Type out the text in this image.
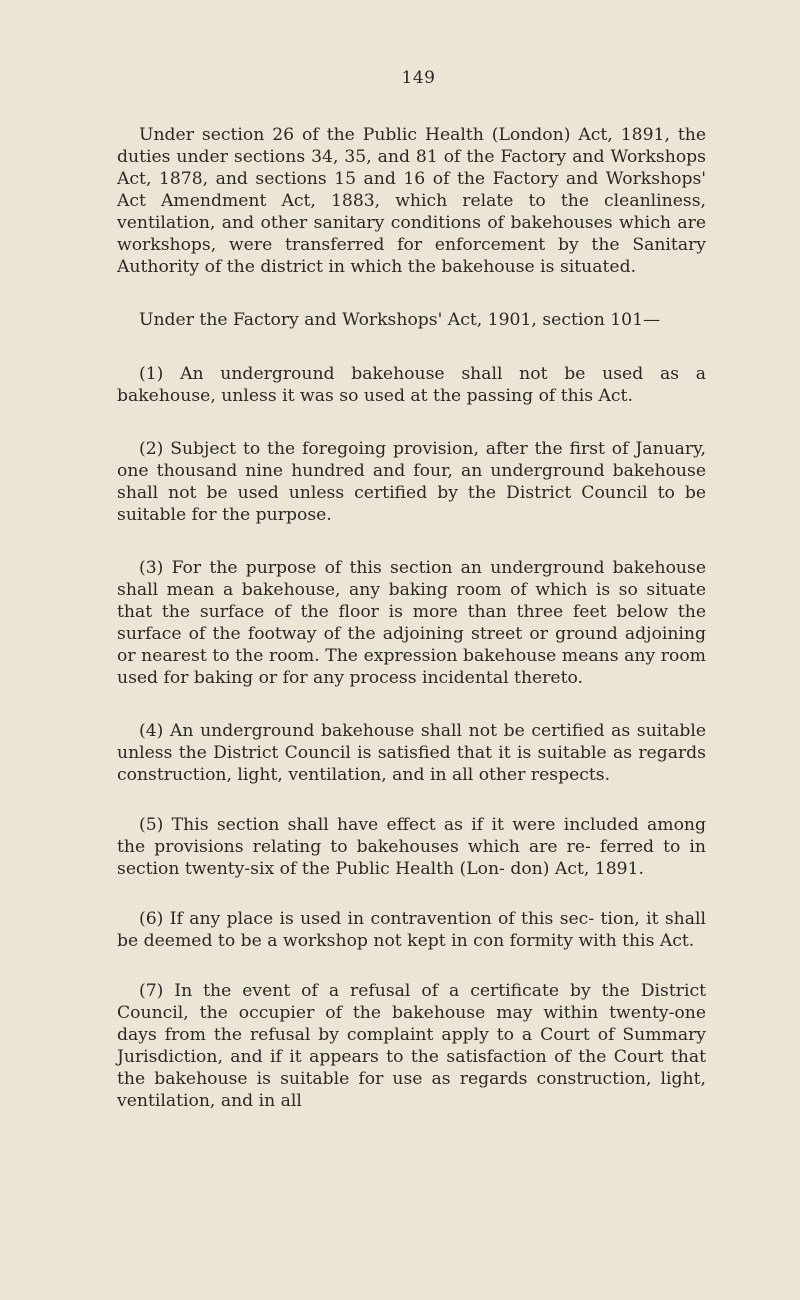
149

Under section 26 of the Public Health (London) Act, 1891, the duties under sections 34, 35, and 81 of the Factory and Workshops Act, 1878, and sections 15 and 16 of the Factory and Workshops' Act Amendment Act, 1883, which relate to the cleanliness, ventilation, and other sanitary conditions of bakehouses which are workshops, were transferred for enforcement by the Sanitary Authority of the district in which the bakehouse is situated.

Under the Factory and Workshops' Act, 1901, section 101—

(1) An underground bakehouse shall not be used as a bakehouse, unless it was so used at the passing of this Act.

(2) Subject to the foregoing provision, after the first of January, one thousand nine hundred and four, an underground bakehouse shall not be used unless certified by the District Council to be suitable for the purpose.

(3) For the purpose of this section an underground bakehouse shall mean a bakehouse, any baking room of which is so situate that the surface of the floor is more than three feet below the surface of the footway of the adjoining street or ground adjoining or nearest to the room. The expression bakehouse means any room used for baking or for any process incidental thereto.

(4) An underground bakehouse shall not be certified as suitable unless the District Council is satisfied that it is suitable as regards construction, light, ventilation, and in all other respects.

(5) This section shall have effect as if it were included among the provisions relating to bakehouses which are re- ferred to in section twenty-six of the Public Health (Lon- don) Act, 1891.

(6) If any place is used in contravention of this sec- tion, it shall be deemed to be a workshop not kept in con formity with this Act.

(7) In the event of a refusal of a certificate by the District Council, the occupier of the bakehouse may within twenty-one days from the refusal by complaint apply to a Court of Summary Jurisdiction, and if it appears to the satisfaction of the Court that the bakehouse is suitable for use as regards construction, light, ventilation, and in all
